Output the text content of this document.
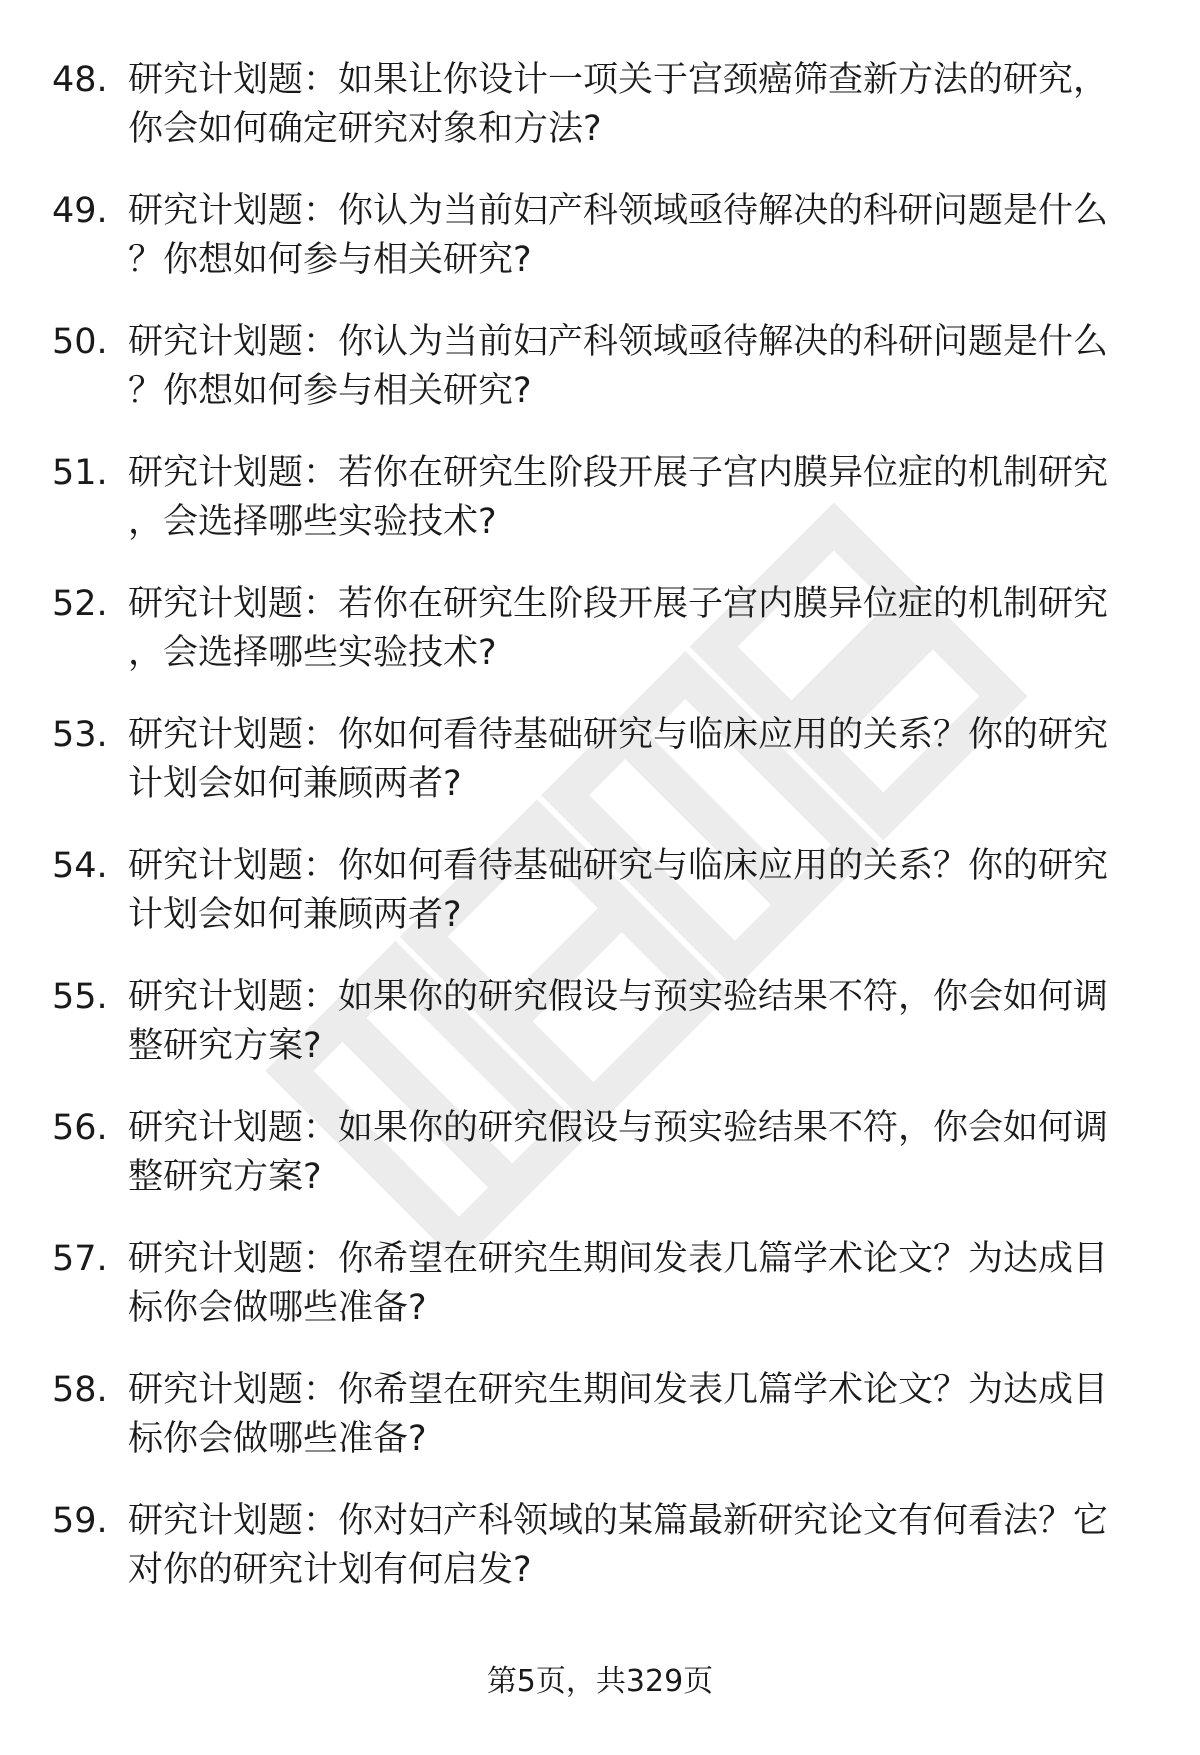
48. 研究计划题：如果让你设计一项关于宫颈癌筛查新方法的研究，你会如何确定研究对象和方法?
49. 研究计划题：你认为当前妇产科领域亟待解决的科研问题是什么？你想如何参与相关研究?
50. 研究计划题：你认为当前妇产科领域亟待解决的科研问题是什么？你想如何参与相关研究?
51. 研究计划题：若你在研究生阶段开展子宫内膜异位症的机制研究，会选择哪些实验技术?
52. 研究计划题：若你在研究生阶段开展子宫内膜异位症的机制研究，会选择哪些实验技术?
53. 研究计划题：你如何看待基础研究与临床应用的关系？你的研究计划会如何兼顾两者?
54. 研究计划题：你如何看待基础研究与临床应用的关系？你的研究计划会如何兼顾两者?
55. 研究计划题：如果你的研究假设与预实验结果不符，你会如何调整研究方案?
56. 研究计划题：如果你的研究假设与预实验结果不符，你会如何调整研究方案?
57. 研究计划题：你希望在研究生期间发表几篇学术论文？为达成目标你会做哪些准备?
58. 研究计划题：你希望在研究生期间发表几篇学术论文？为达成目标你会做哪些准备?
59. 研究计划题：你对妇产科领域的某篇最新研究论文有何看法？它对你的研究计划有何启发?
第5页，共329页
